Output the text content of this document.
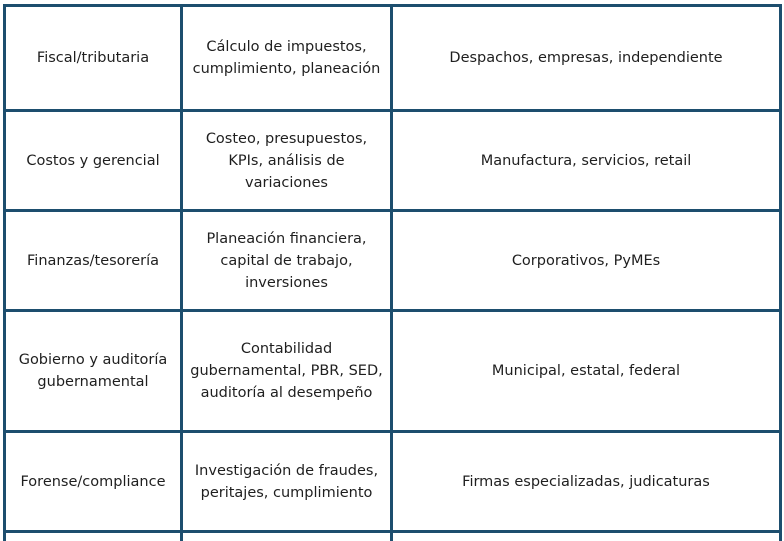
Fiscal/tributaria	Cálculo de impuestos, cumplimiento, planeación	Despachos, empresas, independiente
Costos y gerencial	Costeo, presupuestos, KPIs, análisis de variaciones	Manufactura, servicios, retail
Finanzas/tesorería	Planeación financiera, capital de trabajo, inversiones	Corporativos, PyMEs
Gobierno y auditoría gubernamental	Contabilidad gubernamental, PBR, SED, auditoría al desempeño	Municipal, estatal, federal
Forense/compliance	Investigación de fraudes, peritajes, cumplimiento	Firmas especializadas, judicaturas
